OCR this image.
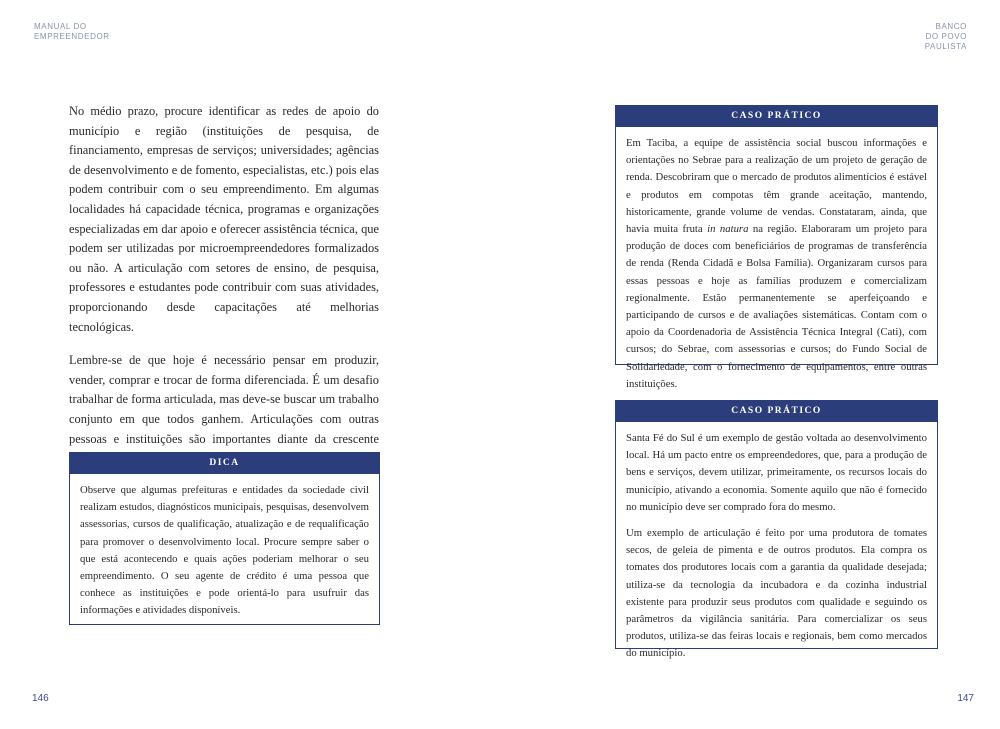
MANUAL DO
EMPREENDEDOR
BANCO
DO POVO
PAULISTA

No médio prazo, procure identificar as redes de apoio do município e região (instituições de pesquisa, de financiamento, empresas de serviços; universidades; agências de desenvolvimento e de fomento, especialistas, etc.) pois elas podem contribuir com o seu empreendimento. Em algumas localidades há capacidade técnica, programas e organizações especializadas em dar apoio e oferecer assistência técnica, que podem ser utilizadas por microempreendedores formalizados ou não. A articulação com setores de ensino, de pesquisa, professores e estudantes pode contribuir com suas atividades, proporcionando desde capacitações até melhorias tecnológicas.

Lembre-se de que hoje é necessário pensar em produzir, vender, comprar e trocar de forma diferenciada. É um desafio trabalhar de forma articulada, mas deve-se buscar um trabalho conjunto em que todos ganhem. Articulações com outras pessoas e instituições são importantes diante da crescente

DICA

Observe que algumas prefeituras e entidades da sociedade civil realizam estudos, diagnósticos municipais, pesquisas, desenvolvem assessorias, cursos de qualificação, atualização e de requalificação para promover o desenvolvimento local. Procure sempre saber o que está acontecendo e quais ações poderiam melhorar o seu empreendimento. O seu agente de crédito é uma pessoa que conhece as instituições e pode orientá-lo para usufruir das informações e atividades disponíveis.

CASO PRÁTICO

Em Taciba, a equipe de assistência social buscou informações e orientações no Sebrae para a realização de um projeto de geração de renda. Descobriram que o mercado de produtos alimentícios é estável e produtos em compotas têm grande aceitação, mantendo, historicamente, grande volume de vendas. Constataram, ainda, que havia muita fruta in natura na região. Elaboraram um projeto para produção de doces com beneficiários de programas de transferência de renda (Renda Cidadã e Bolsa Família). Organizaram cursos para essas pessoas e hoje as famílias produzem e comercializam regionalmente. Estão permanentemente se aperfeiçoando e participando de cursos e de avaliações sistemáticas. Contam com o apoio da Coordenadoria de Assistência Técnica Integral (Cati), com cursos; do Sebrae, com assessorias e cursos; do Fundo Social de Solidariedade, com o fornecimento de equipamentos, entre outras instituições.

CASO PRÁTICO

Santa Fé do Sul é um exemplo de gestão voltada ao desenvolvimento local. Há um pacto entre os empreendedores, que, para a produção de bens e serviços, devem utilizar, primeiramente, os recursos locais do município, ativando a economia. Somente aquilo que não é fornecido no município deve ser comprado fora do mesmo.

Um exemplo de articulação é feito por uma produtora de tomates secos, de geleia de pimenta e de outros produtos. Ela compra os tomates dos produtores locais com a garantia da qualidade desejada; utiliza-se da tecnologia da incubadora e da cozinha industrial existente para produzir seus produtos com qualidade e seguindo os parâmetros da vigilância sanitária. Para comercializar os seus produtos, utiliza-se das feiras locais e regionais, bem como mercados do município.

146	147
